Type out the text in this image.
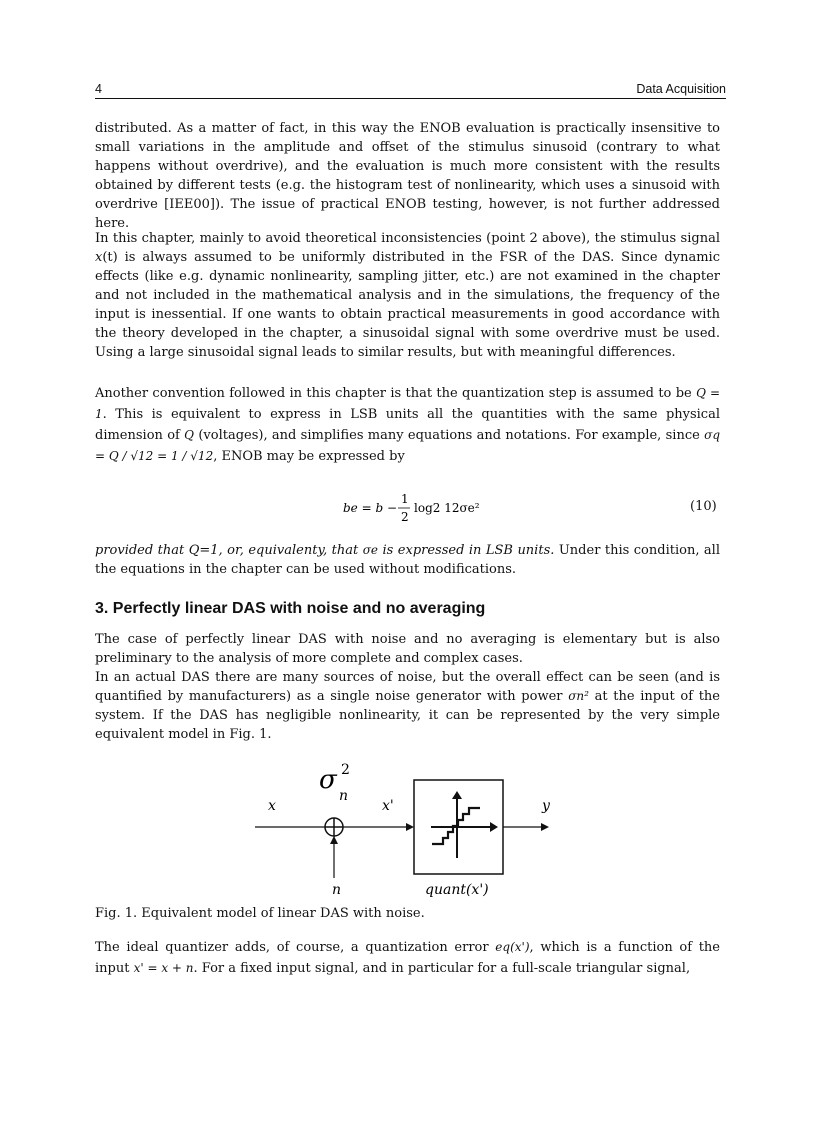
4	Data Acquisition

distributed. As a matter of fact, in this way the ENOB evaluation is practically insensitive to small variations in the amplitude and offset of the stimulus sinusoid (contrary to what happens without overdrive), and the evaluation is much more consistent with the results obtained by different tests (e.g. the histogram test of nonlinearity, which uses a sinusoid with overdrive [IEE00]). The issue of practical ENOB testing, however, is not further addressed here.

In this chapter, mainly to avoid theoretical inconsistencies (point 2 above), the stimulus signal x(t) is always assumed to be uniformly distributed in the FSR of the DAS. Since dynamic effects (like e.g. dynamic nonlinearity, sampling jitter, etc.) are not examined in the chapter and not included in the mathematical analysis and in the simulations, the frequency of the input is inessential. If one wants to obtain practical measurements in good accordance with the theory developed in the chapter, a sinusoidal signal with some overdrive must be used. Using a large sinusoidal signal leads to similar results, but with meaningful differences.

Another convention followed in this chapter is that the quantization step is assumed to be Q = 1. This is equivalent to express in LSB units all the quantities with the same physical dimension of Q (voltages), and simplifies many equations and notations. For example, since σq = Q / √12 = 1 / √12, ENOB may be expressed by

be = b −
1
2
log2 12σe²	(10)

provided that Q=1, or, equivalenty, that σe is expressed in LSB units. Under this condition, all the equations in the chapter can be used without modifications.

3. Perfectly linear DAS with noise and no averaging

The case of perfectly linear DAS with noise and no averaging is elementary but is also preliminary to the analysis of more complete and complex cases.

In an actual DAS there are many sources of noise, but the overall effect can be seen (and is quantified by manufacturers) as a single noise generator with power σn² at the input of the system. If the DAS has negligible nonlinearity, it can be represented by the very simple equivalent model in Fig. 1.

σ 2
n
x	x'	y
n	quant(x')
Fig. 1. Equivalent model of linear DAS with noise.

The ideal quantizer adds, of course, a quantization error eq(x'), which is a function of the input x' = x + n. For a fixed input signal, and in particular for a full-scale triangular signal,
